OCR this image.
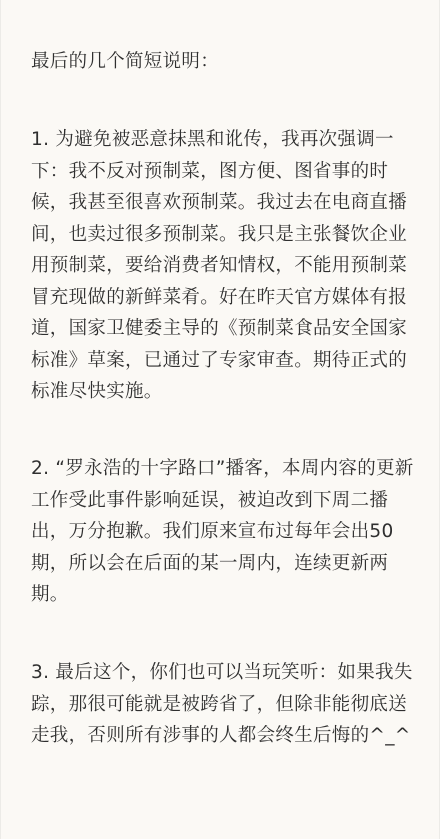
最后的几个简短说明：

1. 为避免被恶意抹黑和讹传，我再次强调一下：我不反对预制菜，图方便、图省事的时候，我甚至很喜欢预制菜。我过去在电商直播间，也卖过很多预制菜。我只是主张餐饮企业用预制菜，要给消费者知情权，不能用预制菜冒充现做的新鲜菜肴。好在昨天官方媒体有报道，国家卫健委主导的《预制菜食品安全国家标准》草案，已通过了专家审查。期待正式的标准尽快实施。

2. “罗永浩的十字路口”播客，本周内容的更新工作受此事件影响延误，被迫改到下周二播出，万分抱歉。我们原来宣布过每年会出50期，所以会在后面的某一周内，连续更新两期。

3. 最后这个，你们也可以当玩笑听：如果我失踪，那很可能就是被跨省了，但除非能彻底送走我，否则所有涉事的人都会终生后悔的^_^
